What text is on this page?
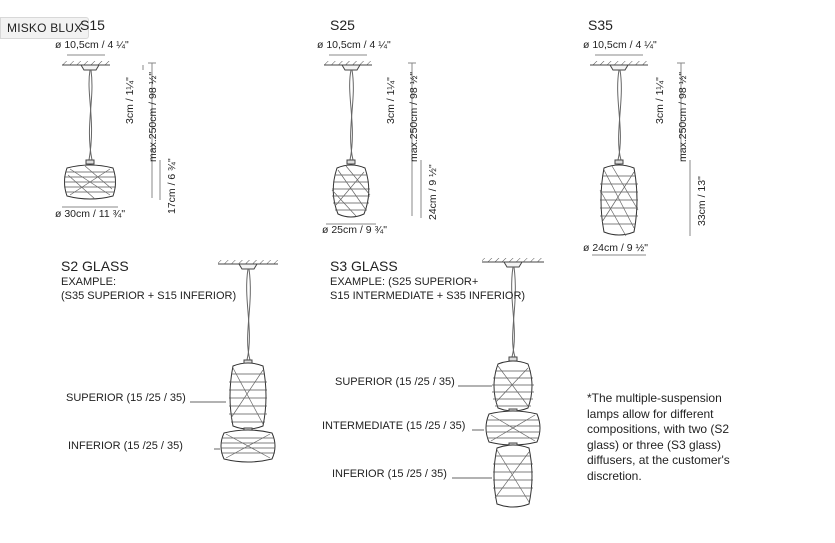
MISKO BLUX
S15
ø 10,5cm / 4 ¼"
3cm / 1¼" max.250cm / 98 ½"
17cm / 6 ¾"
ø 30cm / 11 ¾"
S25
ø 10,5cm / 4 ¼"
3cm / 1¼" max.250cm / 98 ½"
24cm / 9 ½"
ø 25cm / 9 ¾"
S35
ø 10,5cm / 4 ¼"
3cm / 1¼" max.250cm / 98 ½"
33cm / 13"
ø 24cm / 9 ½"
S2 GLASS
EXAMPLE:
(S35 SUPERIOR + S15 INFERIOR)
SUPERIOR (15 /25 / 35)
INFERIOR (15 /25 / 35)
S3 GLASS
EXAMPLE: (S25 SUPERIOR+
S15 INTERMEDIATE + S35 INFERIOR)
SUPERIOR (15 /25 / 35)
INTERMEDIATE (15 /25 / 35)
INFERIOR (15 /25 / 35)
*The multiple-suspension
lamps allow for different
compositions, with two (S2
glass) or three (S3 glass)
diffusers, at the customer's
discretion.
